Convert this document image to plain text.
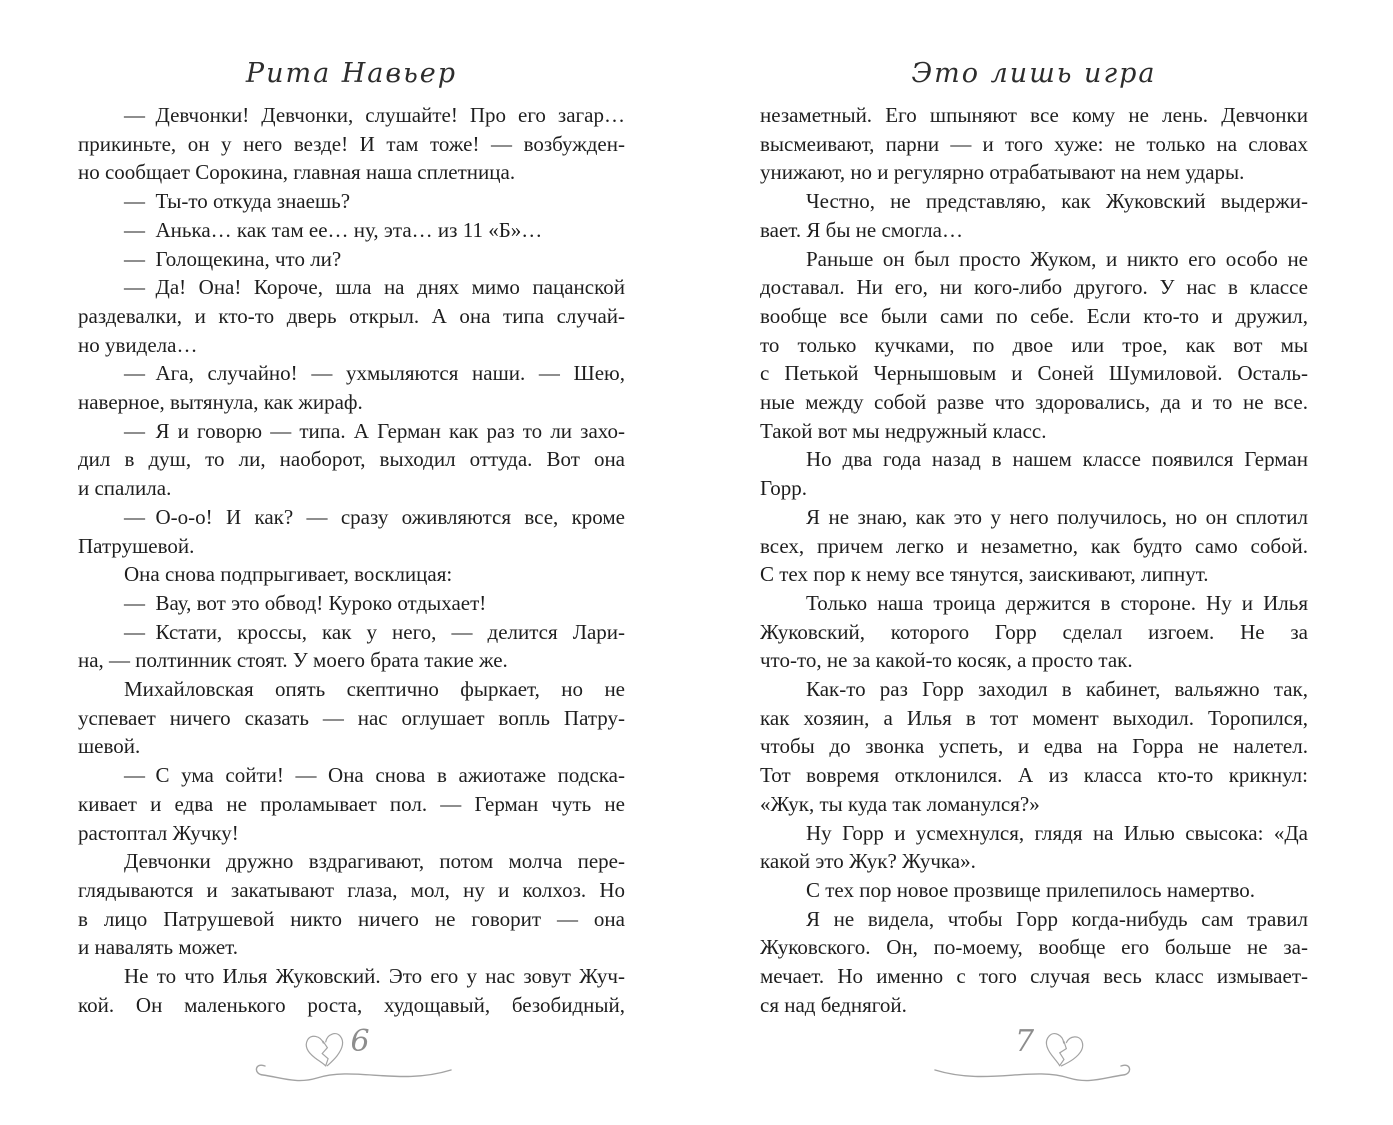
Рита Навьер
— Девчонки! Девчонки, слушайте! Про его загар…
прикиньте, он у него везде! И там тоже! — возбужден-
но сообщает Сорокина, главная наша сплетница.
— Ты-то откуда знаешь?
— Анька… как там ее… ну, эта… из 11 «Б»…
— Голощекина, что ли?
— Да! Она! Короче, шла на днях мимо пацанской
раздевалки, и кто-то дверь открыл. А она типа случай-
но увидела…
— Ага, случайно! — ухмыляются наши. — Шею,
наверное, вытянула, как жираф.
— Я и говорю — типа. А Герман как раз то ли захо-
дил в душ, то ли, наоборот, выходил оттуда. Вот она
и спалила.
— О-о-о! И как? — сразу оживляются все, кроме
Патрушевой.
Она снова подпрыгивает, восклицая:
— Вау, вот это обвод! Куроко отдыхает!
— Кстати, кроссы, как у него, — делится Лари-
на, — полтинник стоят. У моего брата такие же.
Михайловская опять скептично фыркает, но не
успевает ничего сказать — нас оглушает вопль Патру-
шевой.
— С ума сойти! — Она снова в ажиотаже подска-
кивает и едва не проламывает пол. — Герман чуть не
растоптал Жучку!
Девчонки дружно вздрагивают, потом молча пере-
глядываются и закатывают глаза, мол, ну и колхоз. Но
в лицо Патрушевой никто ничего не говорит — она
и навалять может.
Не то что Илья Жуковский. Это его у нас зовут Жуч-
кой. Он маленького роста, худощавый, безобидный,
6
Это лишь игра
незаметный. Его шпыняют все кому не лень. Девчонки
высмеивают, парни — и того хуже: не только на словах
унижают, но и регулярно отрабатывают на нем удары.
Честно, не представляю, как Жуковский выдержи-
вает. Я бы не смогла…
Раньше он был просто Жуком, и никто его особо не
доставал. Ни его, ни кого-либо другого. У нас в классе
вообще все были сами по себе. Если кто-то и дружил,
то только кучками, по двое или трое, как вот мы
с Петькой Чернышовым и Соней Шумиловой. Осталь-
ные между собой разве что здоровались, да и то не все.
Такой вот мы недружный класс.
Но два года назад в нашем классе появился Герман
Горр.
Я не знаю, как это у него получилось, но он сплотил
всех, причем легко и незаметно, как будто само собой.
С тех пор к нему все тянутся, заискивают, липнут.
Только наша троица держится в стороне. Ну и Илья
Жуковский, которого Горр сделал изгоем. Не за
что-то, не за какой-то косяк, а просто так.
Как-то раз Горр заходил в кабинет, вальяжно так,
как хозяин, а Илья в тот момент выходил. Торопился,
чтобы до звонка успеть, и едва на Горра не налетел.
Тот вовремя отклонился. А из класса кто-то крикнул:
«Жук, ты куда так ломанулся?»
Ну Горр и усмехнулся, глядя на Илью свысока: «Да
какой это Жук? Жучка».
С тех пор новое прозвище прилепилось намертво.
Я не видела, чтобы Горр когда-нибудь сам травил
Жуковского. Он, по-моему, вообще его больше не за-
мечает. Но именно с того случая весь класс измывает-
ся над беднягой.
7
